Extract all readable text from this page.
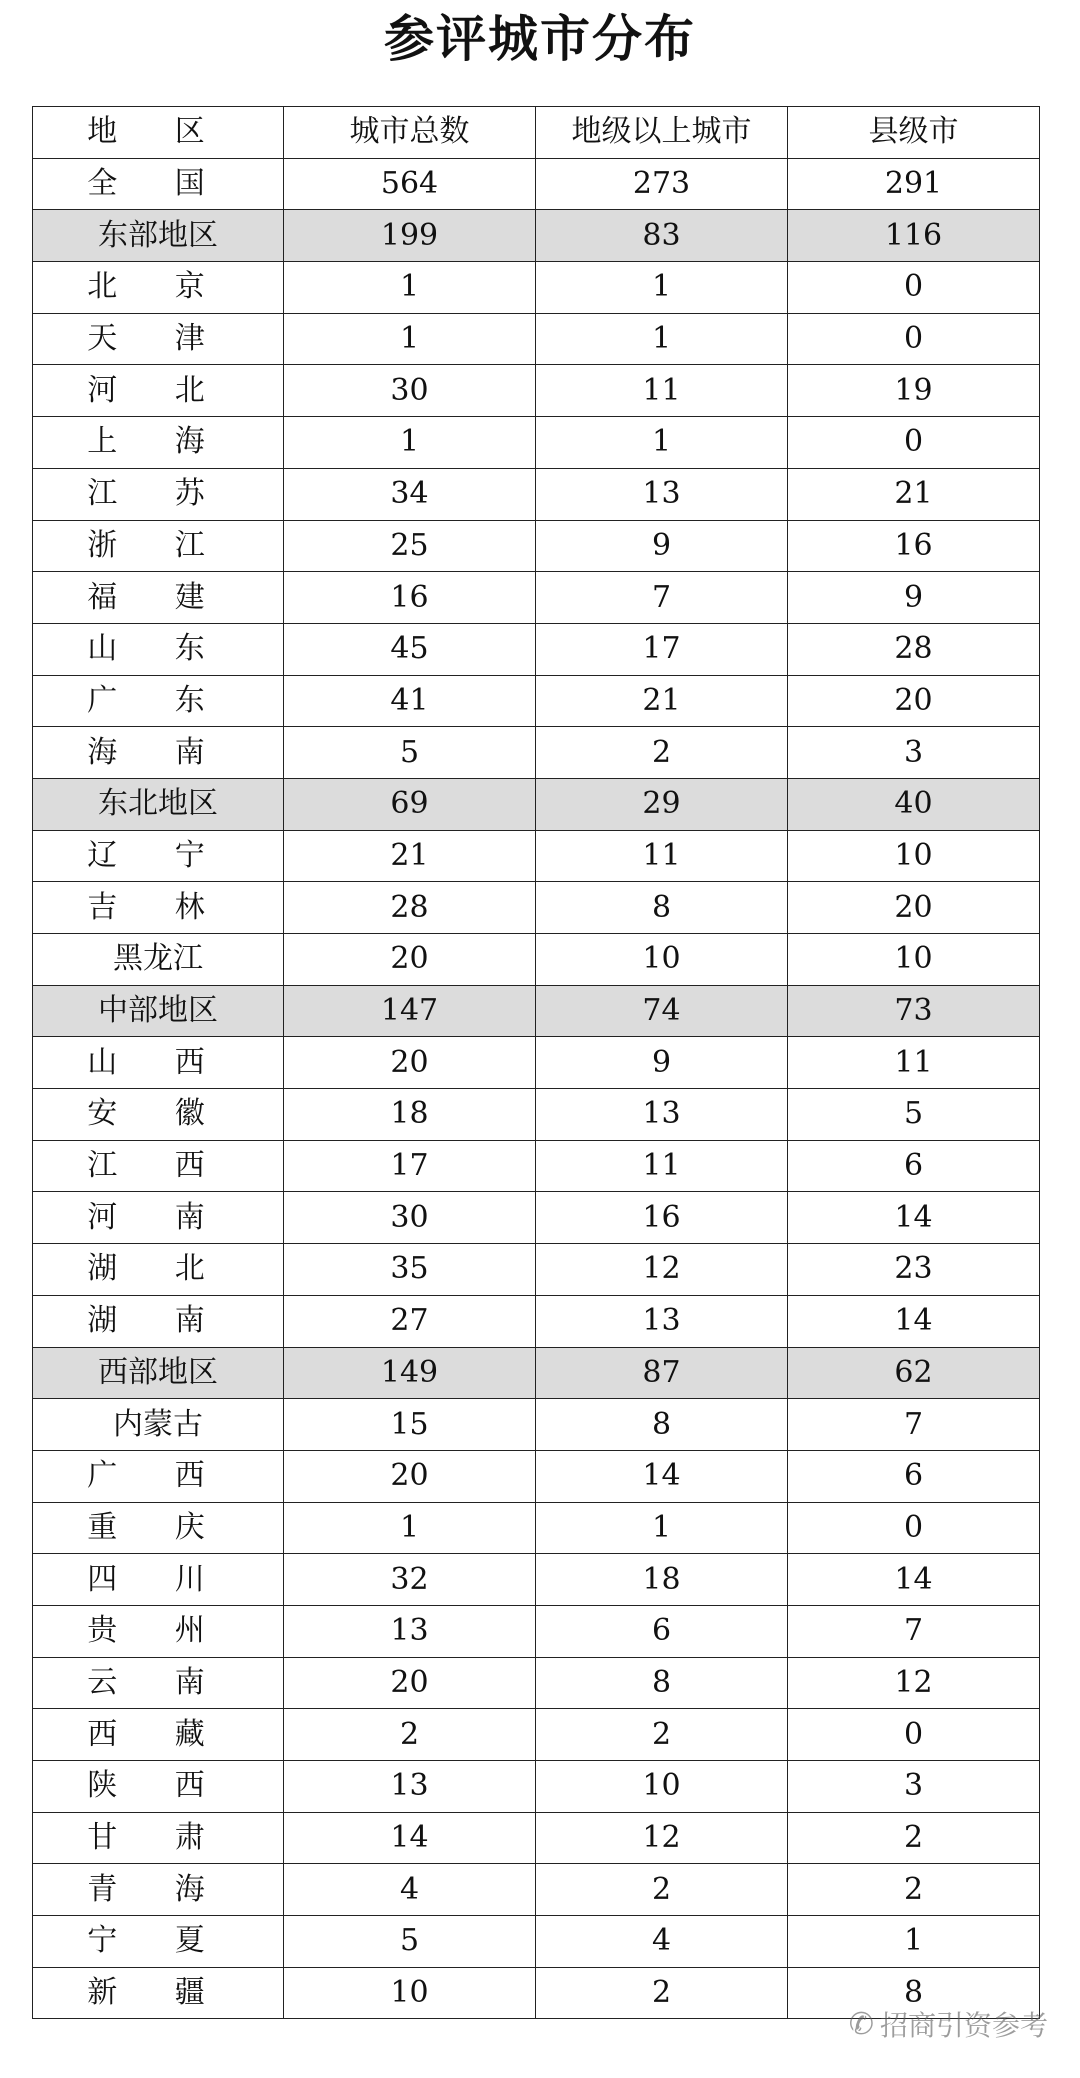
参评城市分布
地 区	城市总数	地级以上城市	县级市
全 国	564	273	291
东部地区	199	83	116
北 京	1	1	0
天 津	1	1	0
河 北	30	11	19
上 海	1	1	0
江 苏	34	13	21
浙 江	25	9	16
福 建	16	7	9
山 东	45	17	28
广 东	41	21	20
海 南	5	2	3
东北地区	69	29	40
辽 宁	21	11	10
吉 林	28	8	20
黑龙江	20	10	10
中部地区	147	74	73
山 西	20	9	11
安 徽	18	13	5
江 西	17	11	6
河 南	30	16	14
湖 北	35	12	23
湖 南	27	13	14
西部地区	149	87	62
内蒙古	15	8	7
广 西	20	14	6
重 庆	1	1	0
四 川	32	18	14
贵 州	13	6	7
云 南	20	8	12
西 藏	2	2	0
陕 西	13	10	3
甘 肃	14	12	2
青 海	4	2	2
宁 夏	5	4	1
新 疆	10	2	8
✆ 招商引资参考
